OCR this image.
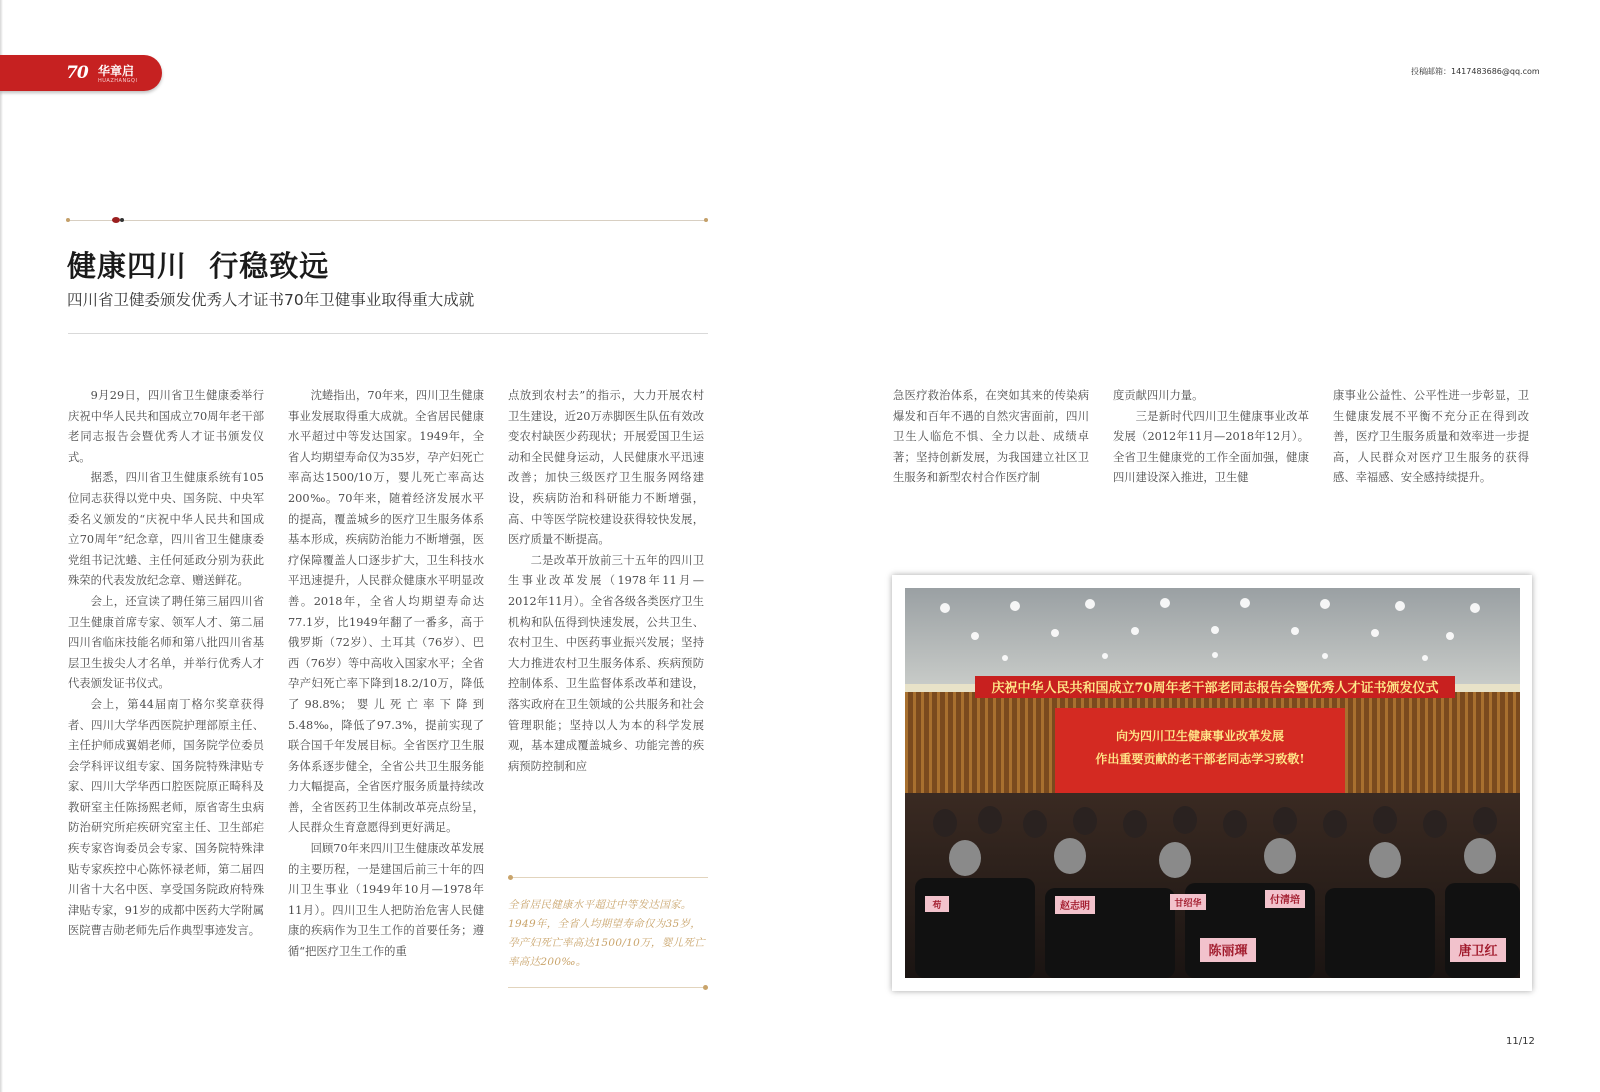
70 华章启
HUAZHANGQI
投稿邮箱：1417483686@qq.com
健康四川  行稳致远
四川省卫健委颁发优秀人才证书70年卫健事业取得重大成就

9月29日，四川省卫生健康委举行庆祝中华人民共和国成立70周年老干部老同志报告会暨优秀人才证书颁发仪式。

据悉，四川省卫生健康系统有105位同志获得以党中央、国务院、中央军委名义颁发的“庆祝中华人民共和国成立70周年”纪念章，四川省卫生健康委党组书记沈蜷、主任何延政分别为获此殊荣的代表发放纪念章、赠送鲜花。

会上，还宣读了聘任第三届四川省卫生健康首席专家、领军人才、第二届四川省临床技能名师和第八批四川省基层卫生拔尖人才名单，并举行优秀人才代表颁发证书仪式。

会上，第44届南丁格尔奖章获得者、四川大学华西医院护理部原主任、主任护师成翼娟老师，国务院学位委员会学科评议组专家、国务院特殊津贴专家、四川大学华西口腔医院原正畸科及教研室主任陈扬熙老师，原省寄生虫病防治研究所疟疾研究室主任、卫生部疟疾专家咨询委员会专家、国务院特殊津贴专家疾控中心陈怀禄老师，第二届四川省十大名中医、享受国务院政府特殊津贴专家，91岁的成都中医药大学附属医院曹吉勋老师先后作典型事迹发言。

沈蜷指出，70年来，四川卫生健康事业发展取得重大成就。全省居民健康水平超过中等发达国家。1949年，全省人均期望寿命仅为35岁，孕产妇死亡率高达1500/10万，婴儿死亡率高达200‰。70年来，随着经济发展水平的提高，覆盖城乡的医疗卫生服务体系基本形成，疾病防治能力不断增强，医疗保障覆盖人口逐步扩大，卫生科技水平迅速提升，人民群众健康水平明显改善。2018年，全省人均期望寿命达77.1岁，比1949年翻了一番多，高于俄罗斯（72岁）、土耳其（76岁）、巴西（76岁）等中高收入国家水平；全省孕产妇死亡率下降到18.2/10万，降低了98.8%；婴儿死亡率下降到5.48‰，降低了97.3%，提前实现了联合国千年发展目标。全省医疗卫生服务体系逐步健全，全省公共卫生服务能力大幅提高，全省医疗服务质量持续改善，全省医药卫生体制改革亮点纷呈，人民群众生育意愿得到更好满足。

回顾70年来四川卫生健康改革发展的主要历程，一是建国后前三十年的四川卫生事业（1949年10月—1978年11月）。四川卫生人把防治危害人民健康的疾病作为卫生工作的首要任务；遵循“把医疗卫生工作的重

点放到农村去”的指示，大力开展农村卫生建设，近20万赤脚医生队伍有效改变农村缺医少药现状；开展爱国卫生运动和全民健身运动，人民健康水平迅速改善；加快三级医疗卫生服务网络建设，疾病防治和科研能力不断增强，高、中等医学院校建设获得较快发展，医疗质量不断提高。

二是改革开放前三十五年的四川卫生事业改革发展（1978年11月—2012年11月）。全省各级各类医疗卫生机构和队伍得到快速发展，公共卫生、农村卫生、中医药事业振兴发展；坚持大力推进农村卫生服务体系、疾病预防控制体系、卫生监督体系改革和建设，落实政府在卫生领域的公共服务和社会管理职能；坚持以人为本的科学发展观，基本建成覆盖城乡、功能完善的疾病预防控制和应

全省居民健康水平超过中等发达国家。1949年，全省人均期望寿命仅为35岁，孕产妇死亡率高达1500/10万，婴儿死亡率高达200‰。

急医疗救治体系，在突如其来的传染病爆发和百年不遇的自然灾害面前，四川卫生人临危不惧、全力以赴、成绩卓著；坚持创新发展，为我国建立社区卫生服务和新型农村合作医疗制

度贡献四川力量。

三是新时代四川卫生健康事业改革发展（2012年11月—2018年12月）。全省卫生健康党的工作全面加强，健康四川建设深入推进，卫生健

康事业公益性、公平性进一步彰显，卫生健康发展不平衡不充分正在得到改善，医疗卫生服务质量和效率进一步提高，人民群众对医疗卫生服务的获得感、幸福感、安全感持续提升。

庆祝中华人民共和国成立70周年老干部老同志报告会暨优秀人才证书颁发仪式
向为四川卫生健康事业改革发展
作出重要贡献的老干部老同志学习致敬!
赵志明
付清培
陈丽琿	唐卫红
甘绍华
苟
11/12
